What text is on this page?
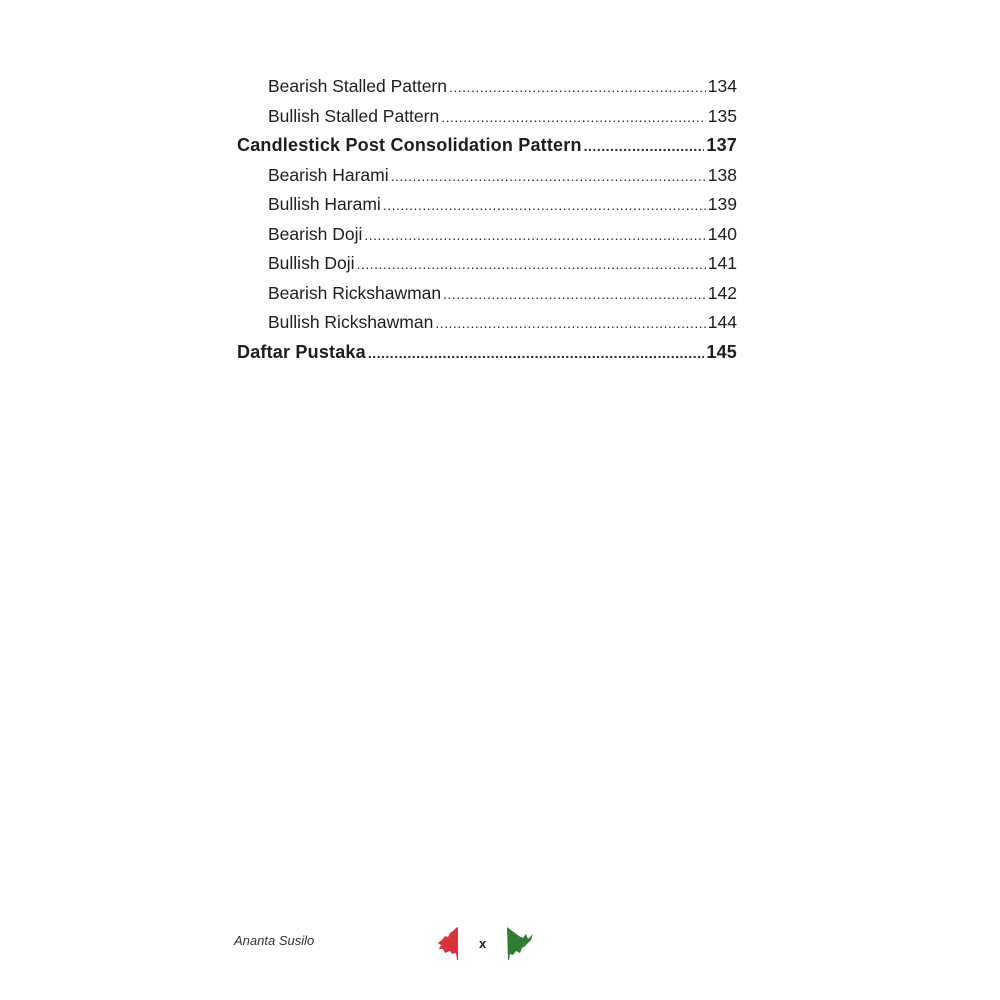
Bearish Stalled Pattern .....	134
Bullish Stalled Pattern .....	135
Candlestick Post Consolidation Pattern .....	137
Bearish Harami .....	138
Bullish Harami .....	139
Bearish Doji .....	140
Bullish Doji .....	141
Bearish Rickshawman .....	142
Bullish Rickshawman .....	144
Daftar Pustaka .....	145
Ananta Susilo	x
